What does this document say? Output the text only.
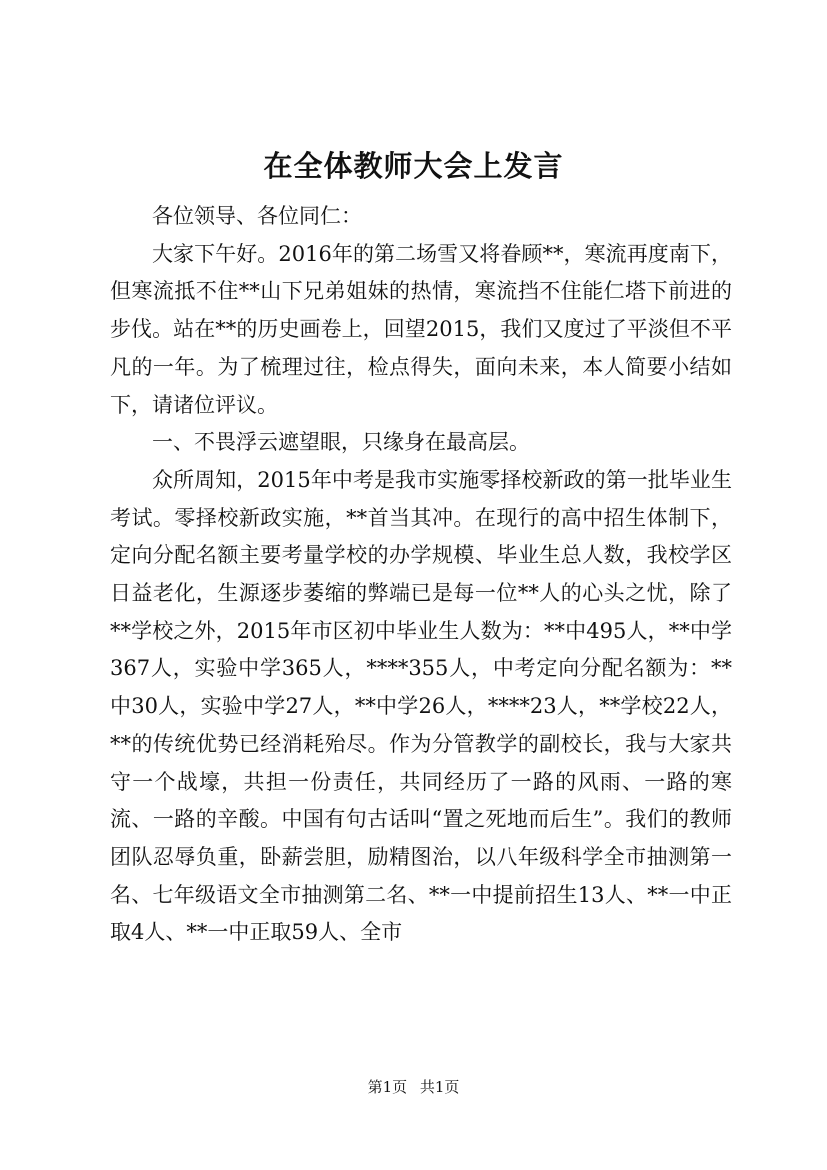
在全体教师大会上发言

各位领导、各位同仁：

大家下午好。2016年的第二场雪又将眷顾**，寒流再度南下，但寒流抵不住**山下兄弟姐妹的热情，寒流挡不住能仁塔下前进的步伐。站在**的历史画卷上，回望2015，我们又度过了平淡但不平凡的一年。为了梳理过往，检点得失，面向未来，本人简要小结如下，请诸位评议。

一、不畏浮云遮望眼，只缘身在最高层。

众所周知，2015年中考是我市实施零择校新政的第一批毕业生考试。零择校新政实施，**首当其冲。在现行的高中招生体制下，定向分配名额主要考量学校的办学规模、毕业生总人数，我校学区日益老化，生源逐步萎缩的弊端已是每一位**人的心头之忧，除了**学校之外，2015年市区初中毕业生人数为：**中495人，**中学367人，实验中学365人，****355人，中考定向分配名额为：**中30人，实验中学27人，**中学26人，****23人，**学校22人，**的传统优势已经消耗殆尽。作为分管教学的副校长，我与大家共守一个战壕，共担一份责任，共同经历了一路的风雨、一路的寒流、一路的辛酸。中国有句古话叫“置之死地而后生”。我们的教师团队忍辱负重，卧薪尝胆，励精图治，以八年级科学全市抽测第一名、七年级语文全市抽测第二名、**一中提前招生13人、**一中正取4人、**一中正取59人、全市

第1页 共1页
